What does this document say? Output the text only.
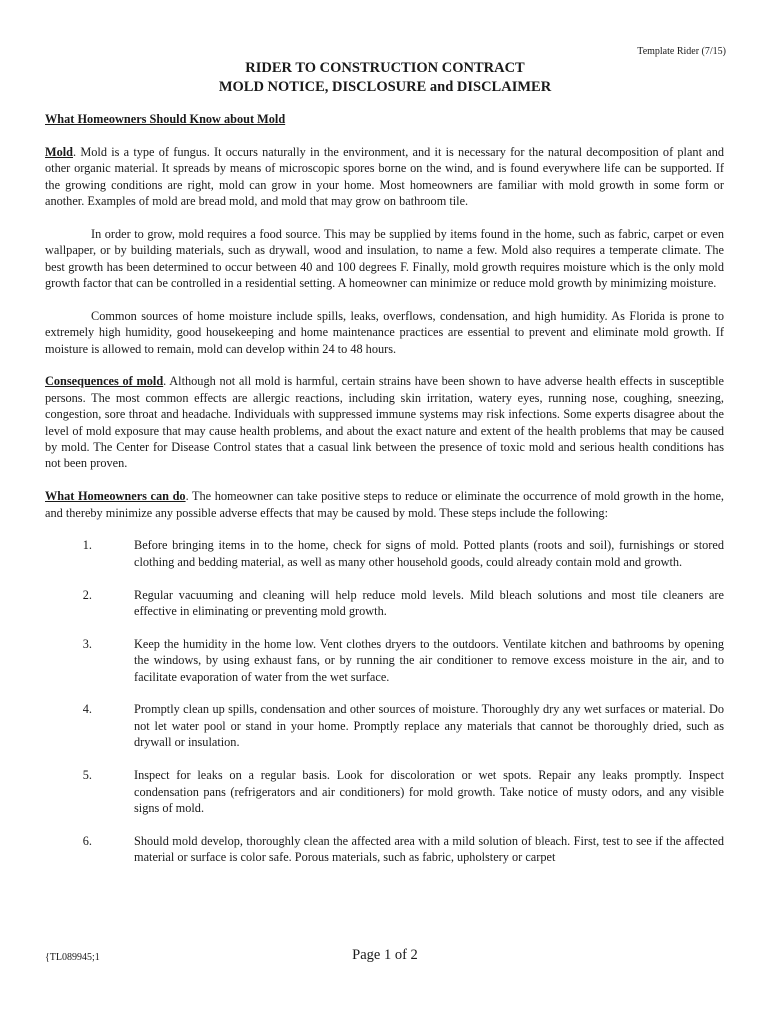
Template Rider (7/15)
RIDER TO CONSTRUCTION CONTRACT
MOLD NOTICE, DISCLOSURE and DISCLAIMER

What Homeowners Should Know about Mold

Mold. Mold is a type of fungus. It occurs naturally in the environment, and it is necessary for the natural decomposition of plant and other organic material. It spreads by means of microscopic spores borne on the wind, and is found everywhere life can be supported. If the growing conditions are right, mold can grow in your home. Most homeowners are familiar with mold growth in some form or another. Examples of mold are bread mold, and mold that may grow on bathroom tile.

In order to grow, mold requires a food source. This may be supplied by items found in the home, such as fabric, carpet or even wallpaper, or by building materials, such as drywall, wood and insulation, to name a few. Mold also requires a temperate climate. The best growth has been determined to occur between 40 and 100 degrees F. Finally, mold growth requires moisture which is the only mold growth factor that can be controlled in a residential setting. A homeowner can minimize or reduce mold growth by minimizing moisture.

Common sources of home moisture include spills, leaks, overflows, condensation, and high humidity. As Florida is prone to extremely high humidity, good housekeeping and home maintenance practices are essential to prevent and eliminate mold growth. If moisture is allowed to remain, mold can develop within 24 to 48 hours.

Consequences of mold. Although not all mold is harmful, certain strains have been shown to have adverse health effects in susceptible persons. The most common effects are allergic reactions, including skin irritation, watery eyes, running nose, coughing, sneezing, congestion, sore throat and headache. Individuals with suppressed immune systems may risk infections. Some experts disagree about the level of mold exposure that may cause health problems, and about the exact nature and extent of the health problems that may be caused by mold. The Center for Disease Control states that a casual link between the presence of toxic mold and serious health conditions has not been proven.

What Homeowners can do. The homeowner can take positive steps to reduce or eliminate the occurrence of mold growth in the home, and thereby minimize any possible adverse effects that may be caused by mold. These steps include the following:

1.	Before bringing items in to the home, check for signs of mold. Potted plants (roots and soil), furnishings or stored clothing and bedding material, as well as many other household goods, could already contain mold and growth.
2.	Regular vacuuming and cleaning will help reduce mold levels. Mild bleach solutions and most tile cleaners are effective in eliminating or preventing mold growth.
3.	Keep the humidity in the home low. Vent clothes dryers to the outdoors. Ventilate kitchen and bathrooms by opening the windows, by using exhaust fans, or by running the air conditioner to remove excess moisture in the air, and to facilitate evaporation of water from the wet surface.
4.	Promptly clean up spills, condensation and other sources of moisture. Thoroughly dry any wet surfaces or material. Do not let water pool or stand in your home. Promptly replace any materials that cannot be thoroughly dried, such as drywall or insulation.
5.	Inspect for leaks on a regular basis. Look for discoloration or wet spots. Repair any leaks promptly. Inspect condensation pans (refrigerators and air conditioners) for mold growth. Take notice of musty odors, and any visible signs of mold.
6.	Should mold develop, thoroughly clean the affected area with a mild solution of bleach. First, test to see if the affected material or surface is color safe. Porous materials, such as fabric, upholstery or carpet
{TL089945;1	Page 1 of 2
